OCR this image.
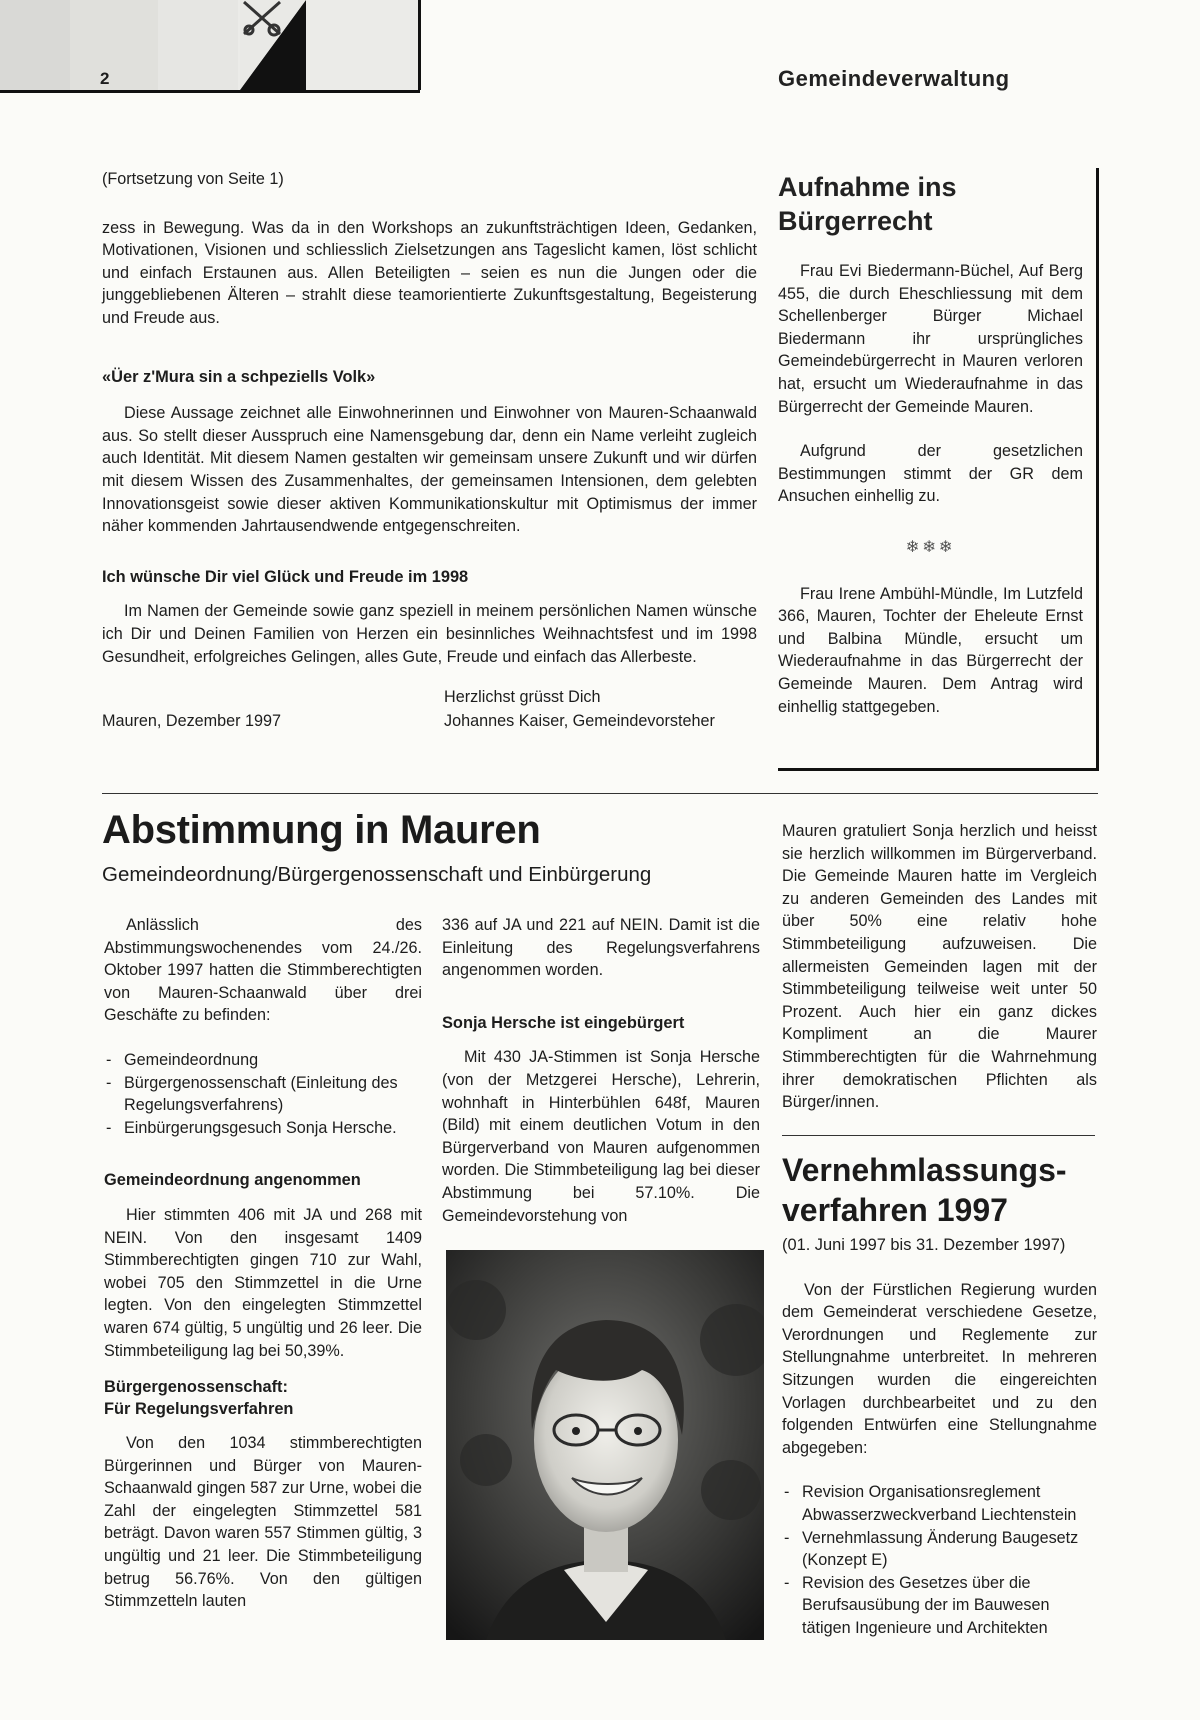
2	Gemeindeverwaltung

(Fortsetzung von Seite 1)

zess in Bewegung. Was da in den Workshops an zukunftsträchtigen Ideen, Gedanken, Motivationen, Visionen und schliesslich Zielsetzungen ans Tageslicht kamen, löst schlicht und einfach Erstaunen aus. Allen Beteiligten – seien es nun die Jungen oder die junggebliebenen Älteren – strahlt diese teamorientierte Zukunftsgestaltung, Begeisterung und Freude aus.

«Üer z'Mura sin a schpeziells Volk»

Diese Aussage zeichnet alle Einwohnerinnen und Einwohner von Mauren-Schaanwald aus. So stellt dieser Ausspruch eine Namensgebung dar, denn ein Name verleiht zugleich auch Identität. Mit diesem Namen gestalten wir gemeinsam unsere Zukunft und wir dürfen mit diesem Wissen des Zusammenhaltes, der gemeinsamen Intensionen, dem gelebten Innovationsgeist sowie dieser aktiven Kommunikationskultur mit Optimismus der immer näher kommenden Jahrtausendwende entgegenschreiten.

Ich wünsche Dir viel Glück und Freude im 1998

Im Namen der Gemeinde sowie ganz speziell in meinem persönlichen Namen wünsche ich Dir und Deinen Familien von Herzen ein besinnliches Weihnachtsfest und im 1998 Gesundheit, erfolgreiches Gelingen, alles Gute, Freude und einfach das Allerbeste.

Herzlichst grüsst Dich
Mauren, Dezember 1997	Johannes Kaiser, Gemeindevorsteher
Aufnahme ins
Bürgerrecht

Frau Evi Biedermann-Büchel, Auf Berg 455, die durch Eheschliessung mit dem Schellenberger Bürger Michael Biedermann ihr ursprüngliches Gemeindebürgerrecht in Mauren verloren hat, ersucht um Wiederaufnahme in das Bürgerrecht der Gemeinde Mauren.

Aufgrund der gesetzlichen Bestimmungen stimmt der GR dem Ansuchen einhellig zu.

❄❄❄

Frau Irene Ambühl-Mündle, Im Lutzfeld 366, Mauren, Tochter der Eheleute Ernst und Balbina Mündle, ersucht um Wiederaufnahme in das Bürgerrecht der Gemeinde Mauren. Dem Antrag wird einhellig stattgegeben.

Abstimmung in Mauren
Gemeindeordnung/Bürgergenossenschaft und Einbürgerung

Anlässlich des Abstimmungswochenendes vom 24./26. Oktober 1997 hatten die Stimmberechtigten von Mauren-Schaanwald über drei Geschäfte zu befinden:

- Gemeindeordnung
- Bürgergenossenschaft (Einleitung des Regelungsverfahrens)
- Einbürgerungsgesuch Sonja Hersche.
Gemeindeordnung angenommen

Hier stimmten 406 mit JA und 268 mit NEIN. Von den insgesamt 1409 Stimmberechtigten gingen 710 zur Wahl, wobei 705 den Stimmzettel in die Urne legten. Von den eingelegten Stimmzettel waren 674 gültig, 5 ungültig und 26 leer. Die Stimmbeteiligung lag bei 50,39%.

Bürgergenossenschaft:
Für Regelungsverfahren

Von den 1034 stimmberechtigten Bürgerinnen und Bürger von Mauren-Schaanwald gingen 587 zur Urne, wobei die Zahl der eingelegten Stimmzettel 581 beträgt. Davon waren 557 Stimmen gültig, 3 ungültig und 21 leer. Die Stimmbeteiligung betrug 56.76%. Von den gültigen Stimmzetteln lauten

336 auf JA und 221 auf NEIN. Damit ist die Einleitung des Regelungsverfahrens angenommen worden.

Sonja Hersche ist eingebürgert

Mit 430 JA-Stimmen ist Sonja Hersche (von der Metzgerei Hersche), Lehrerin, wohnhaft in Hinterbühlen 648f, Mauren (Bild) mit einem deutlichen Votum in den Bürgerverband von Mauren aufgenommen worden. Die Stimmbeteiligung lag bei dieser Abstimmung bei 57.10%. Die Gemeindevorstehung von

Mauren gratuliert Sonja herzlich und heisst sie herzlich willkommen im Bürgerverband. Die Gemeinde Mauren hatte im Vergleich zu anderen Gemeinden des Landes mit über 50% eine relativ hohe Stimmbeteiligung aufzuweisen. Die allermeisten Gemeinden lagen mit der Stimmbeteiligung teilweise weit unter 50 Prozent. Auch hier ein ganz dickes Kompliment an die Maurer Stimmberechtigten für die Wahrnehmung ihrer demokratischen Pflichten als Bürger/innen.

Vernehmlassungs-
verfahren 1997

(01. Juni 1997 bis 31. Dezember 1997)

Von der Fürstlichen Regierung wurden dem Gemeinderat verschiedene Gesetze, Verordnungen und Reglemente zur Stellungnahme unterbreitet. In mehreren Sitzungen wurden die eingereichten Vorlagen durchbearbeitet und zu den folgenden Entwürfen eine Stellungnahme abgegeben:

- Revision Organisationsreglement Abwasserzweckverband Liechtenstein
- Vernehmlassung Änderung Baugesetz (Konzept E)
- Revision des Gesetzes über die Berufsausübung der im Bauwesen tätigen Ingenieure und Architekten
